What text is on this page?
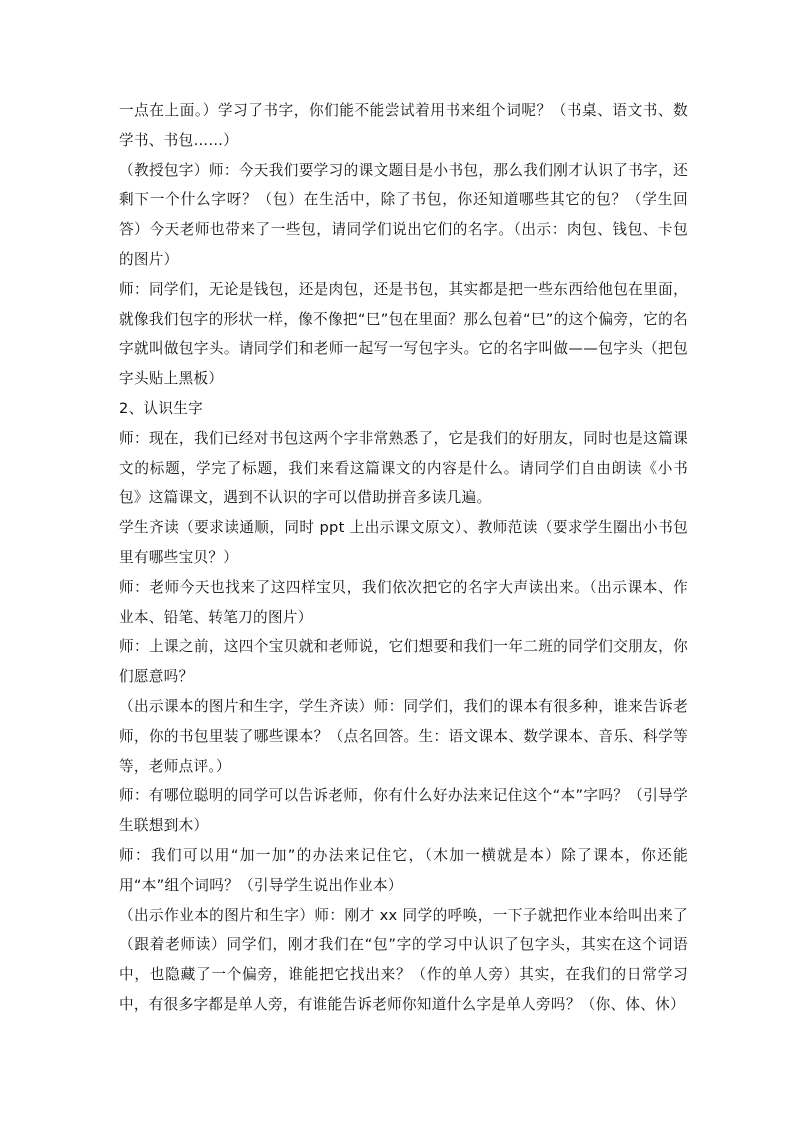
一点在上面。）学习了书字，你们能不能尝试着用书来组个词呢？（书桌、语文书、数学书、书包……）

（教授包字）师：今天我们要学习的课文题目是小书包，那么我们刚才认识了书字，还剩下一个什么字呀？（包）在生活中，除了书包，你还知道哪些其它的包？（学生回答）今天老师也带来了一些包，请同学们说出它们的名字。（出示：肉包、钱包、卡包的图片）

师：同学们，无论是钱包，还是肉包，还是书包，其实都是把一些东西给他包在里面，就像我们包字的形状一样，像不像把“巳”包在里面？那么包着“巳”的这个偏旁，它的名字就叫做包字头。请同学们和老师一起写一写包字头。它的名字叫做——包字头（把包字头贴上黑板）

2、认识生字

师：现在，我们已经对书包这两个字非常熟悉了，它是我们的好朋友，同时也是这篇课文的标题，学完了标题，我们来看这篇课文的内容是什么。请同学们自由朗读《小书包》这篇课文，遇到不认识的字可以借助拼音多读几遍。

学生齐读（要求读通顺，同时 ppt 上出示课文原文）、教师范读（要求学生圈出小书包里有哪些宝贝？）

师：老师今天也找来了这四样宝贝，我们依次把它的名字大声读出来。（出示课本、作业本、铅笔、转笔刀的图片）

师：上课之前，这四个宝贝就和老师说，它们想要和我们一年二班的同学们交朋友，你们愿意吗？

（出示课本的图片和生字，学生齐读）师：同学们，我们的课本有很多种，谁来告诉老师，你的书包里装了哪些课本？（点名回答。生：语文课本、数学课本、音乐、科学等等，老师点评。）

师：有哪位聪明的同学可以告诉老师，你有什么好办法来记住这个“本”字吗？（引导学生联想到木）

师：我们可以用“加一加”的办法来记住它，（木加一横就是本）除了课本，你还能用“本”组个词吗？（引导学生说出作业本）

（出示作业本的图片和生字）师：刚才 xx 同学的呼唤，一下子就把作业本给叫出来了（跟着老师读）同学们，刚才我们在“包”字的学习中认识了包字头，其实在这个词语中，也隐藏了一个偏旁，谁能把它找出来？（作的单人旁）其实，在我们的日常学习中，有很多字都是单人旁，有谁能告诉老师你知道什么字是单人旁吗？（你、体、休）
